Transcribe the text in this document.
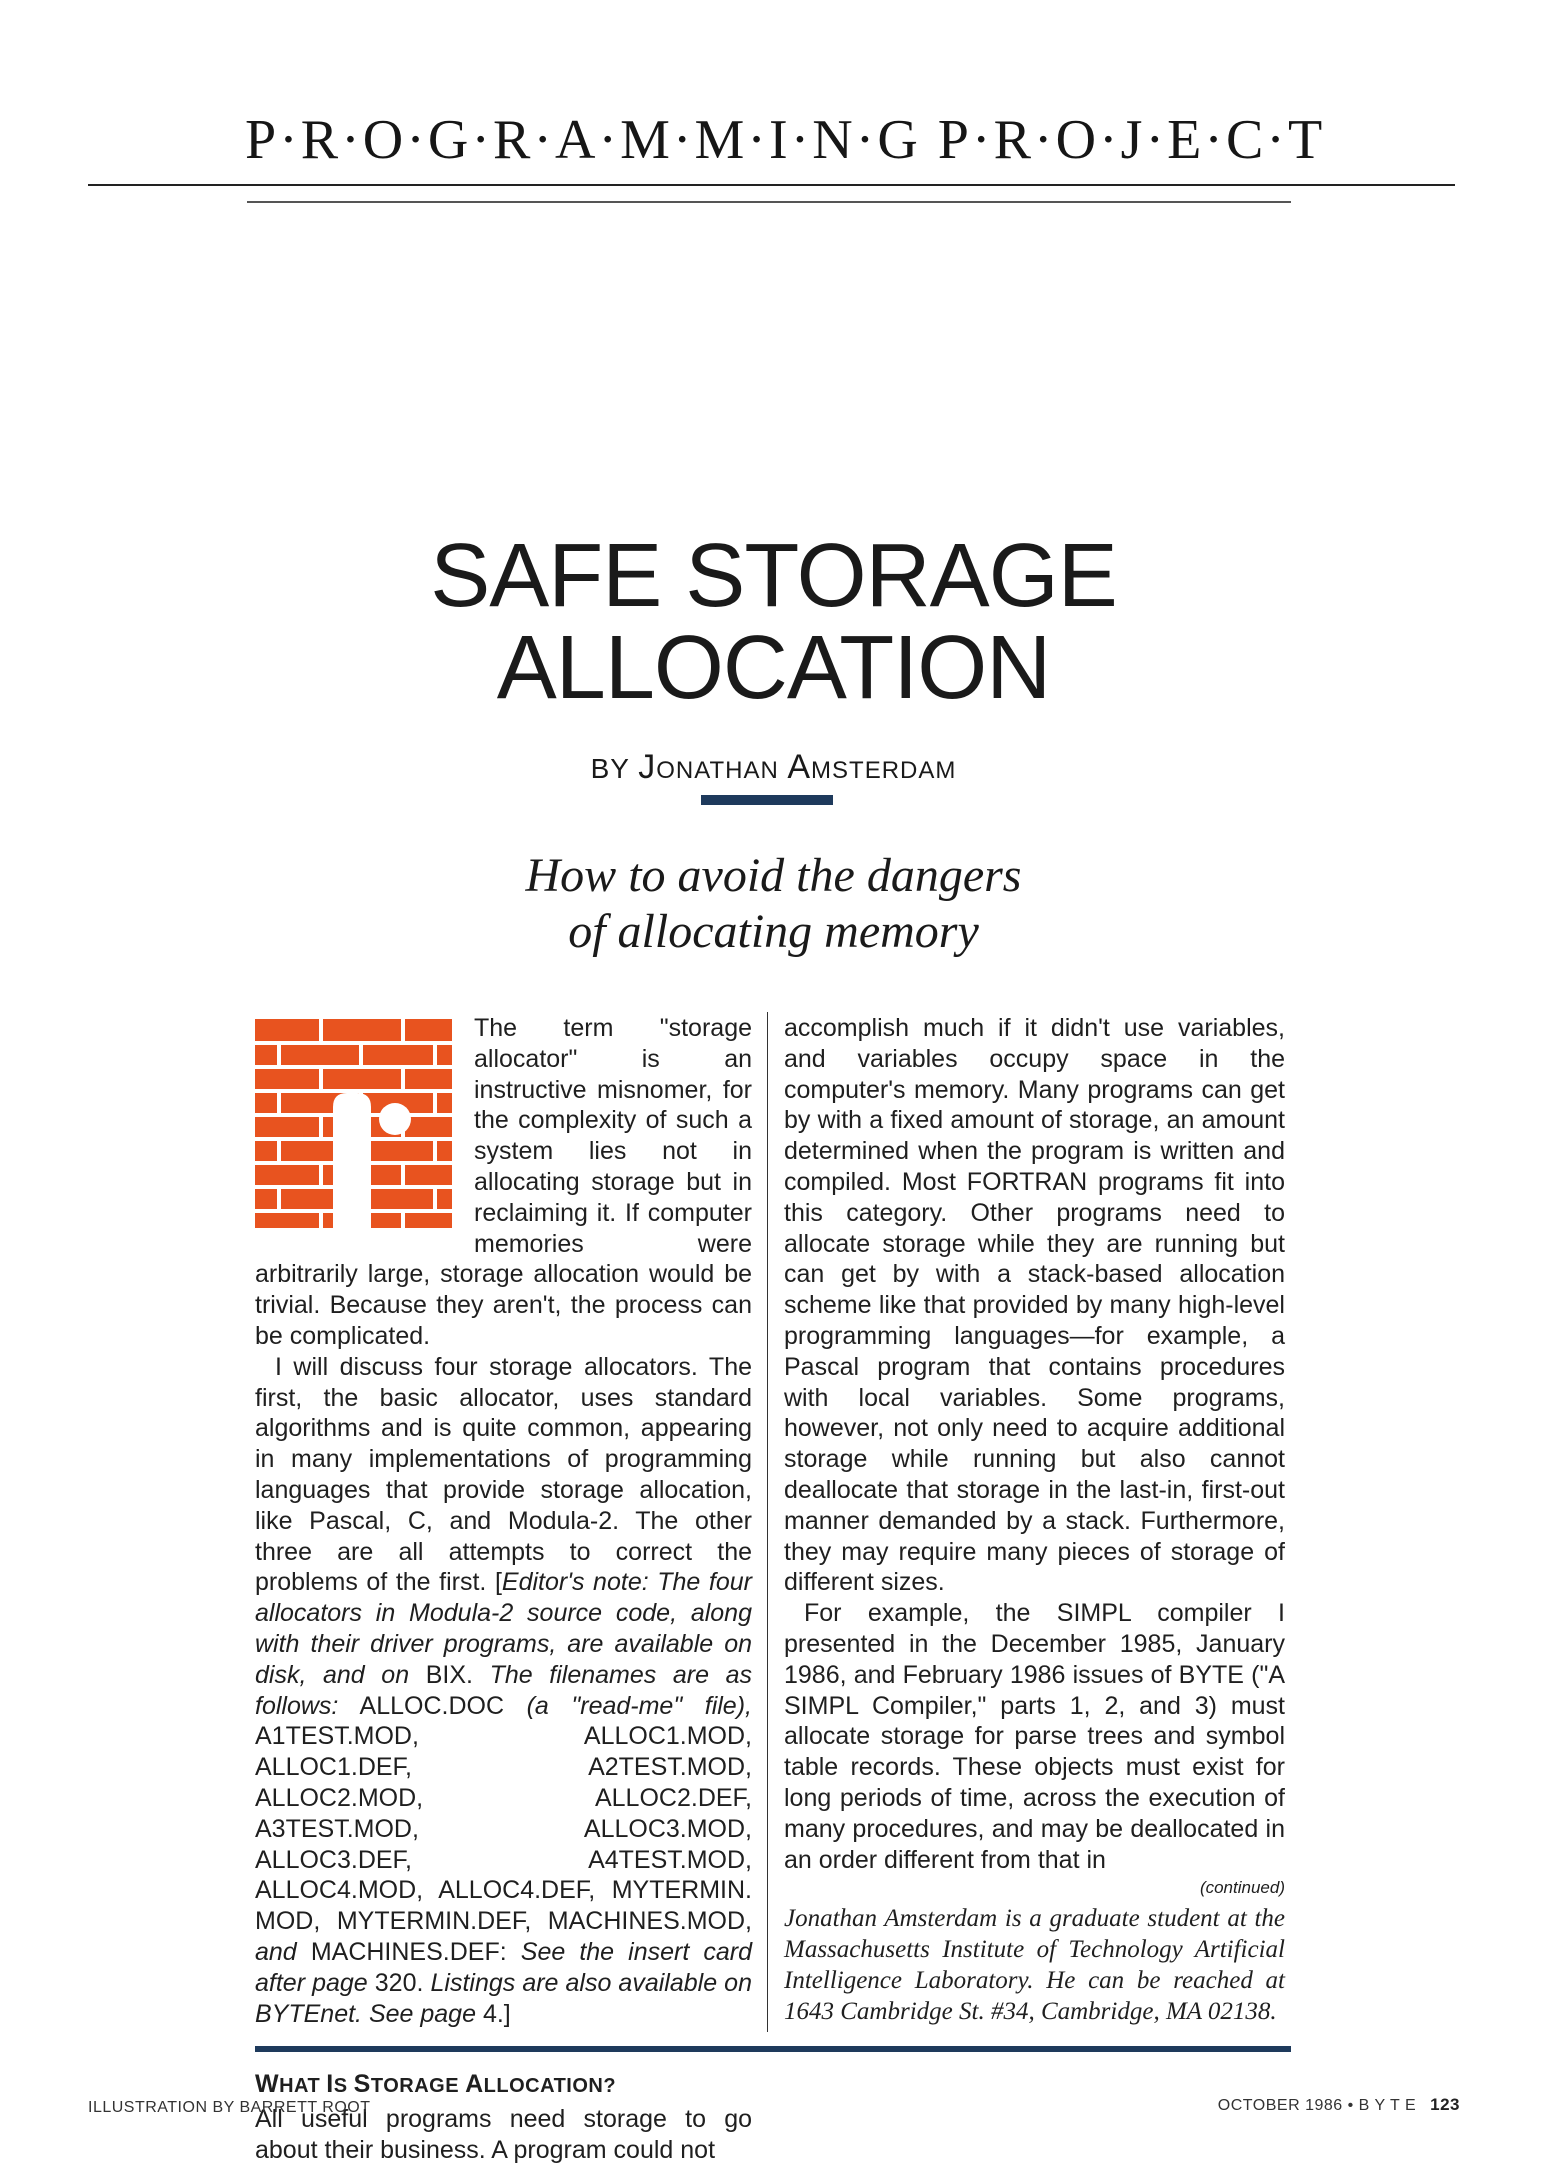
P·R·O·G·R·A·M·M·I·N·G P·R·O·J·E·C·T
SAFE STORAGE
ALLOCATION
BY Jonathan Amsterdam
How to avoid the dangers
of allocating memory

The term "storage allocator" is an instructive misnomer, for the complexity of such a system lies not in allocating storage but in reclaiming it. If computer memories were arbitrarily large, storage allocation would be trivial. Because they aren't, the process can be complicated.

I will discuss four storage allocators. The first, the basic allocator, uses standard algorithms and is quite common, appearing in many implementations of programming languages that provide storage allocation, like Pascal, C, and Modula-2. The other three are all attempts to correct the problems of the first. [Editor's note: The four allocators in Modula-2 source code, along with their driver programs, are available on disk, and on BIX. The filenames are as follows: ALLOC.DOC (a "read-me" file), A1TEST.MOD, ALLOC1.MOD, ALLOC1.DEF, A2TEST.MOD, ALLOC2.MOD, ALLOC2.DEF, A3TEST.MOD, ALLOC3.MOD, ALLOC3.DEF, A4TEST.MOD, ALLOC4.MOD, ALLOC4.DEF, MYTERMIN. MOD, MYTERMIN.DEF, MACHINES.MOD, and MACHINES.DEF: See the insert card after page 320. Listings are also available on BYTEnet. See page 4.]

WHAT IS STORAGE ALLOCATION?

All useful programs need storage to go about their business. A program could not

accomplish much if it didn't use variables, and variables occupy space in the computer's memory. Many programs can get by with a fixed amount of storage, an amount determined when the program is written and compiled. Most FORTRAN programs fit into this category. Other programs need to allocate storage while they are running but can get by with a stack-based allocation scheme like that provided by many high-level programming languages—for example, a Pascal program that contains procedures with local variables. Some programs, however, not only need to acquire additional storage while running but also cannot deallocate that storage in the last-in, first-out manner demanded by a stack. Furthermore, they may require many pieces of storage of different sizes.

For example, the SIMPL compiler I presented in the December 1985, January 1986, and February 1986 issues of BYTE ("A SIMPL Compiler," parts 1, 2, and 3) must allocate storage for parse trees and symbol table records. These objects must exist for long periods of time, across the execution of many procedures, and may be deallocated in an order different from that in

(continued)

Jonathan Amsterdam is a graduate student at the Massachusetts Institute of Technology Artificial Intelligence Laboratory. He can be reached at 1643 Cambridge St. #34, Cambridge, MA 02138.

ILLUSTRATION BY BARRETT ROOT	OCTOBER 1986 • B Y T E 123
